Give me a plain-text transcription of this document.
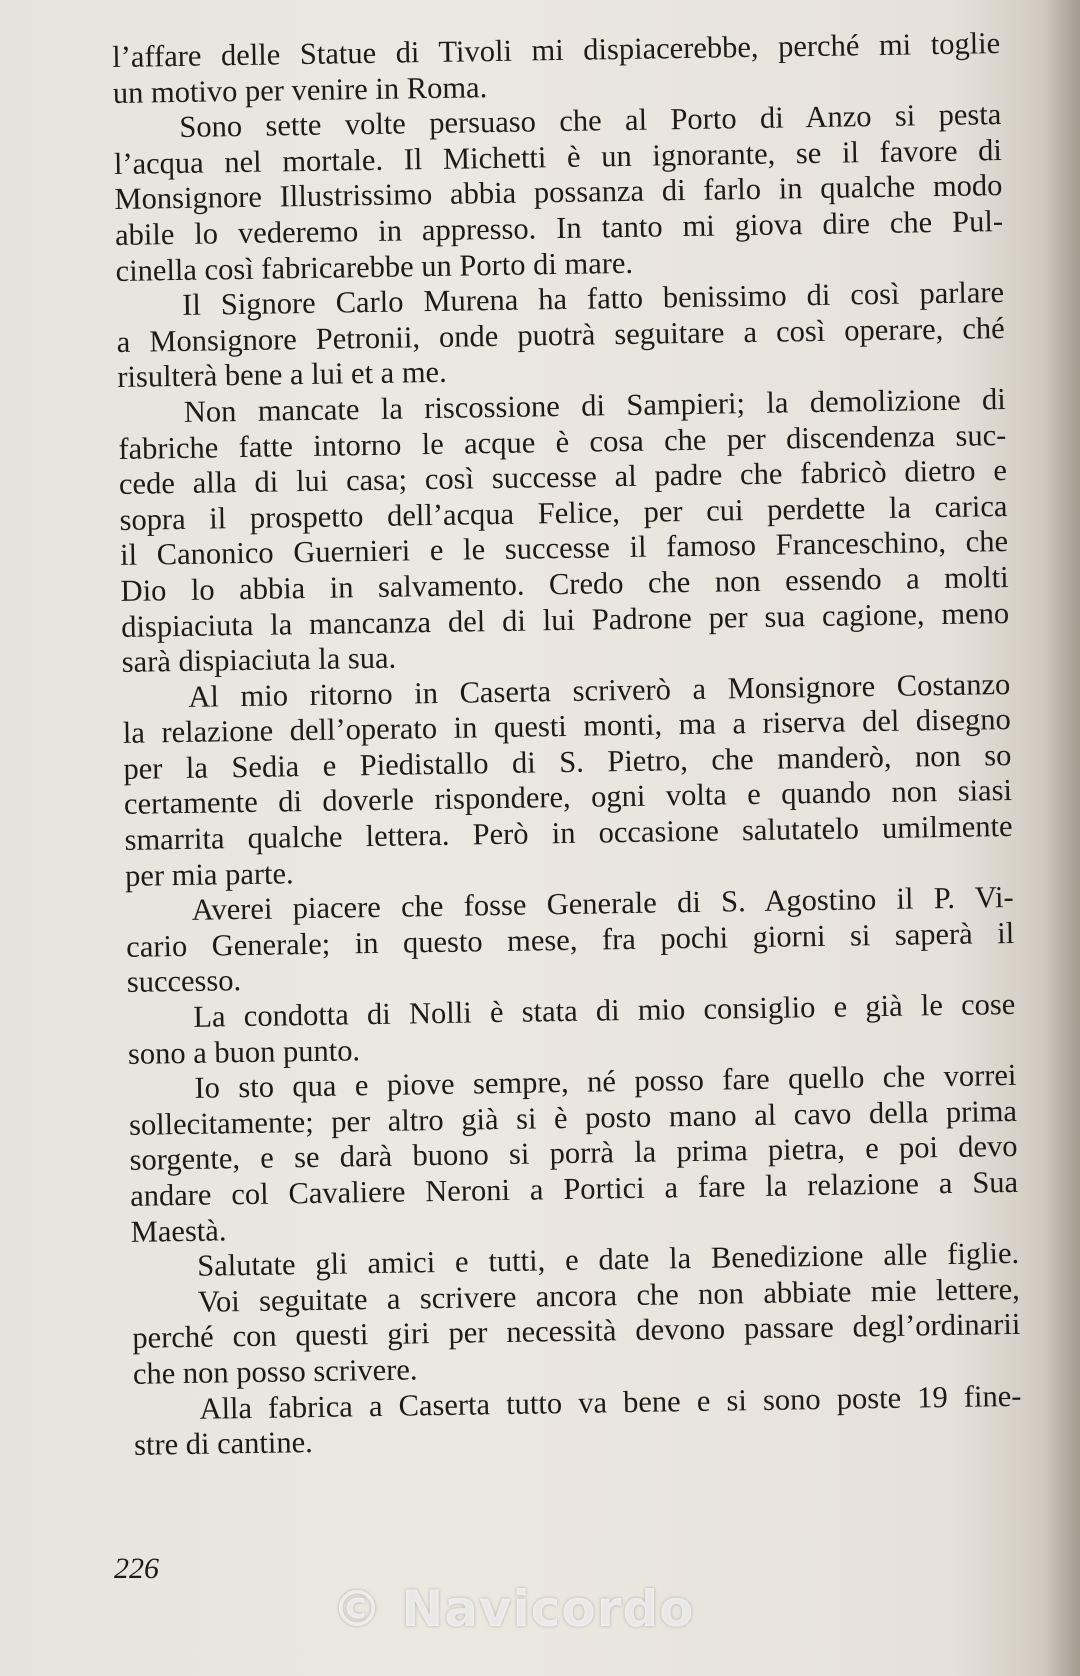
l’affare delle Statue di Tivoli mi dispiacerebbe, perché mi toglie
un motivo per venire in Roma.
Sono sette volte persuaso che al Porto di Anzo si pesta
l’acqua nel mortale. Il Michetti è un ignorante, se il favore di
Monsignore Illustrissimo abbia possanza di farlo in qualche modo
abile lo vederemo in appresso. In tanto mi giova dire che Pul-
cinella così fabricarebbe un Porto di mare.
Il Signore Carlo Murena ha fatto benissimo di così parlare
a Monsignore Petronii, onde puotrà seguitare a così operare, ché
risulterà bene a lui et a me.
Non mancate la riscossione di Sampieri; la demolizione di
fabriche fatte intorno le acque è cosa che per discendenza suc-
cede alla di lui casa; così successe al padre che fabricò dietro e
sopra il prospetto dell’acqua Felice, per cui perdette la carica
il Canonico Guernieri e le successe il famoso Franceschino, che
Dio lo abbia in salvamento. Credo che non essendo a molti
dispiaciuta la mancanza del di lui Padrone per sua cagione, meno
sarà dispiaciuta la sua.
Al mio ritorno in Caserta scriverò a Monsignore Costanzo
la relazione dell’operato in questi monti, ma a riserva del disegno
per la Sedia e Piedistallo di S. Pietro, che manderò, non so
certamente di doverle rispondere, ogni volta e quando non siasi
smarrita qualche lettera. Però in occasione salutatelo umilmente
per mia parte.
Averei piacere che fosse Generale di S. Agostino il P. Vi-
cario Generale; in questo mese, fra pochi giorni si saperà il
successo.
La condotta di Nolli è stata di mio consiglio e già le cose
sono a buon punto.
Io sto qua e piove sempre, né posso fare quello che vorrei
sollecitamente; per altro già si è posto mano al cavo della prima
sorgente, e se darà buono si porrà la prima pietra, e poi devo
andare col Cavaliere Neroni a Portici a fare la relazione a Sua
Maestà.
Salutate gli amici e tutti, e date la Benedizione alle figlie.
Voi seguitate a scrivere ancora che non abbiate mie lettere,
perché con questi giri per necessità devono passare degl’ordinarii
che non posso scrivere.
Alla fabrica a Caserta tutto va bene e si sono poste 19 fine-
stre di cantine.
226
© Navicordo
